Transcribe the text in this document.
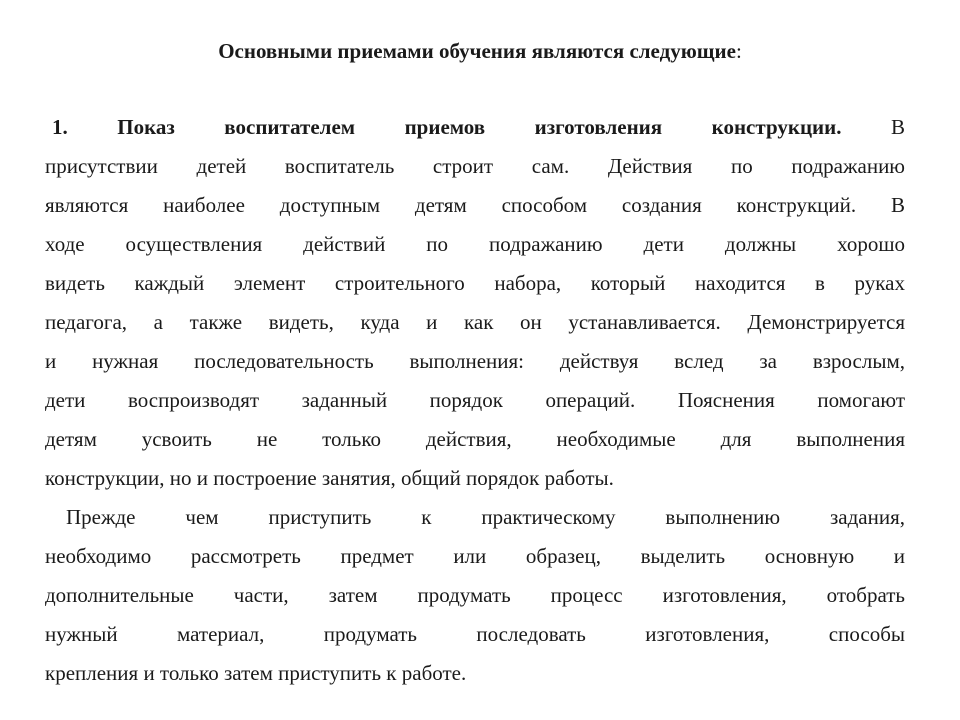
Основными приемами обучения являются следующие:
1. Показ воспитателем приемов изготовления конструкции. В
присутствии детей воспитатель строит сам. Действия по подражанию
являются наиболее доступным детям способом создания конструкций. В
ходе осуществления действий по подражанию дети должны хорошо
видеть каждый элемент строительного набора, который находится в руках
педагога, а также видеть, куда и как он устанавливается. Демонстрируется
и нужная последовательность выполнения: действуя вслед за взрослым,
дети воспроизводят заданный порядок операций. Пояснения помогают
детям усвоить не только действия, необходимые для выполнения
конструкции, но и построение занятия, общий порядок работы.
Прежде чем приступить к практическому выполнению задания,
необходимо рассмотреть предмет или образец, выделить основную и
дополнительные части, затем продумать процесс изготовления, отобрать
нужный материал, продумать последовать изготовления, способы
крепления и только затем приступить к работе.
